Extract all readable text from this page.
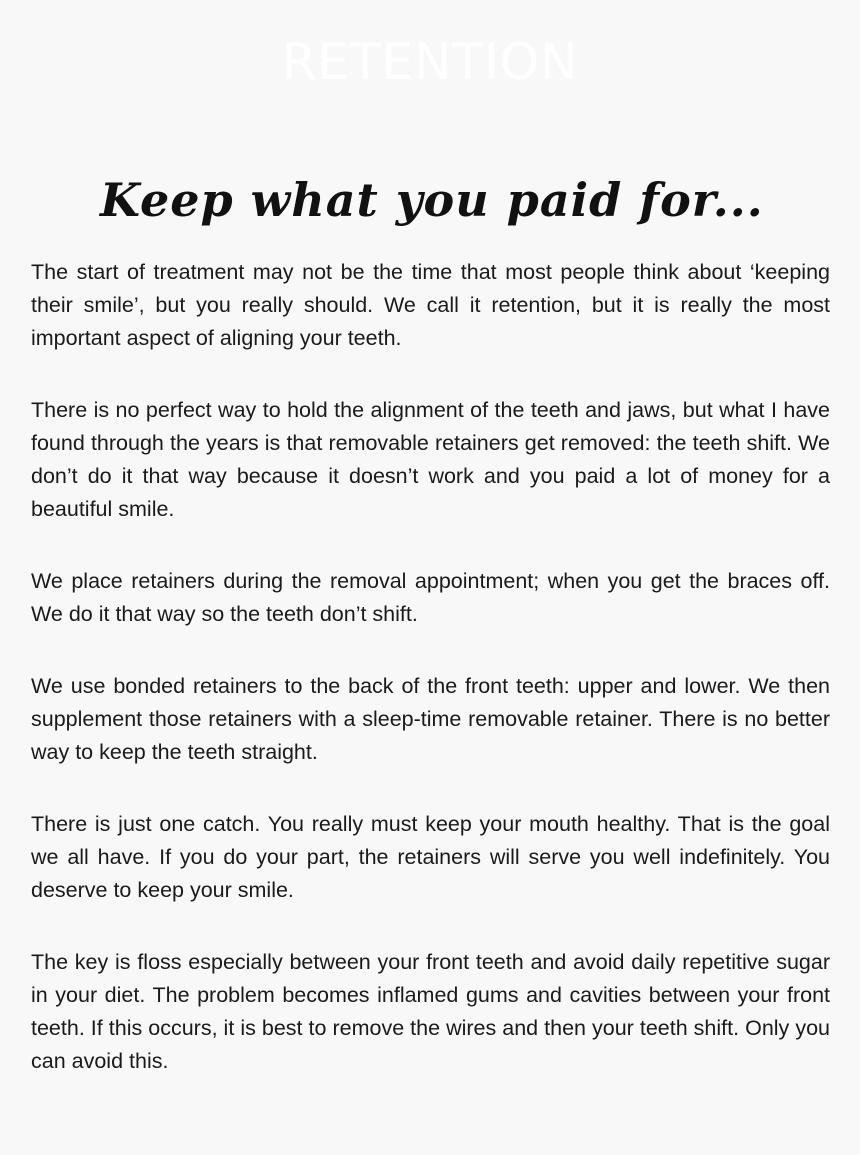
RETENTION
Keep what you paid for...

The start of treatment may not be the time that most people think about ‘keeping their smile’, but you really should. We call it retention, but it is really the most important aspect of aligning your teeth.

There is no perfect way to hold the alignment of the teeth and jaws, but what I have found through the years is that removable retainers get removed: the teeth shift. We don’t do it that way because it doesn’t work and you paid a lot of money for a beautiful smile.

We place retainers during the removal appointment; when you get the braces off. We do it that way so the teeth don’t shift.

We use bonded retainers to the back of the front teeth: upper and lower. We then supplement those retainers with a sleep-time removable retainer. There is no better way to keep the teeth straight.

There is just one catch. You really must keep your mouth healthy. That is the goal we all have. If you do your part, the retainers will serve you well indefinitely. You deserve to keep your smile.

The key is floss especially between your front teeth and avoid daily repetitive sugar in your diet. The problem becomes inflamed gums and cavities between your front teeth. If this occurs, it is best to remove the wires and then your teeth shift. Only you can avoid this.
